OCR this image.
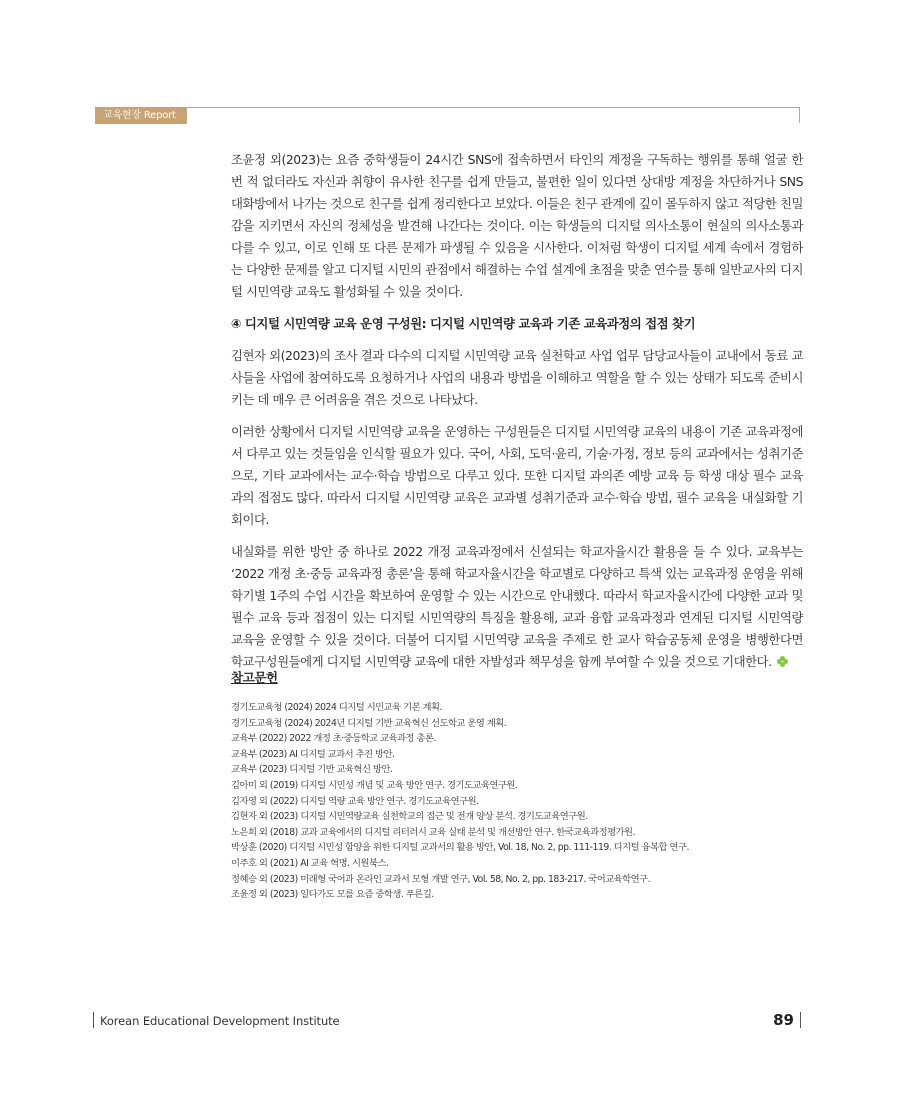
교육현장 Report

조윤정 외(2023)는 요즘 중학생들이 24시간 SNS에 접속하면서 타인의 계정을 구독하는 행위를 통해 얼굴 한 번 적 없더라도 자신과 취향이 유사한 친구를 쉽게 만들고, 불편한 일이 있다면 상대방 계정을 차단하거나 SNS 대화방에서 나가는 것으로 친구를 쉽게 정리한다고 보았다. 이들은 친구 관계에 깊이 몰두하지 않고 적당한 친밀감을 지키면서 자신의 정체성을 발견해 나간다는 것이다. 이는 학생들의 디지털 의사소통이 현실의 의사소통과 다를 수 있고, 이로 인해 또 다른 문제가 파생될 수 있음을 시사한다. 이처럼 학생이 디지털 세계 속에서 경험하는 다양한 문제를 알고 디지털 시민의 관점에서 해결하는 수업 설계에 초점을 맞춘 연수를 통해 일반교사의 디지털 시민역량 교육도 활성화될 수 있을 것이다.

④ 디지털 시민역량 교육 운영 구성원: 디지털 시민역량 교육과 기존 교육과정의 접점 찾기

김현자 외(2023)의 조사 결과 다수의 디지털 시민역량 교육 실천학교 사업 업무 담당교사들이 교내에서 동료 교사들을 사업에 참여하도록 요청하거나 사업의 내용과 방법을 이해하고 역할을 할 수 있는 상태가 되도록 준비시키는 데 매우 큰 어려움을 겪은 것으로 나타났다.

이러한 상황에서 디지털 시민역량 교육을 운영하는 구성원들은 디지털 시민역량 교육의 내용이 기존 교육과정에서 다루고 있는 것들임을 인식할 필요가 있다. 국어, 사회, 도덕·윤리, 기술·가정, 정보 등의 교과에서는 성취기준으로, 기타 교과에서는 교수·학습 방법으로 다루고 있다. 또한 디지털 과의존 예방 교육 등 학생 대상 필수 교육과의 접점도 많다. 따라서 디지털 시민역량 교육은 교과별 성취기준과 교수·학습 방법, 필수 교육을 내실화할 기회이다.

내실화를 위한 방안 중 하나로 2022 개정 교육과정에서 신설되는 학교자율시간 활용을 들 수 있다. 교육부는 ‘2022 개정 초·중등 교육과정 총론’을 통해 학교자율시간을 학교별로 다양하고 특색 있는 교육과정 운영을 위해 학기별 1주의 수업 시간을 확보하여 운영할 수 있는 시간으로 안내했다. 따라서 학교자율시간에 다양한 교과 및 필수 교육 등과 접점이 있는 디지털 시민역량의 특징을 활용해, 교과 융합 교육과정과 연계된 디지털 시민역량 교육을 운영할 수 있을 것이다. 더불어 디지털 시민역량 교육을 주제로 한 교사 학습공동체 운영을 병행한다면 학교구성원들에게 디지털 시민역량 교육에 대한 자발성과 책무성을 함께 부여할 수 있을 것으로 기대한다.

참고문헌
경기도교육청 (2024) 2024 디지털 시민교육 기본 계획.
경기도교육청 (2024) 2024년 디지털 기반 교육혁신 선도학교 운영 계획.
교육부 (2022) 2022 개정 초·중등학교 교육과정 총론.
교육부 (2023) AI 디지털 교과서 추진 방안.
교육부 (2023) 디지털 기반 교육혁신 방안.
김아미 외 (2019) 디지털 시민성 개념 및 교육 방안 연구. 경기도교육연구원.
김자영 외 (2022) 디지털 역량 교육 방안 연구. 경기도교육연구원.
김현자 외 (2023) 디지털 시민역량교육 실천학교의 접근 및 전개 양상 분석. 경기도교육연구원.
노은희 외 (2018) 교과 교육에서의 디지털 리터러시 교육 실태 분석 및 개선방안 연구. 한국교육과정평가원.
박상훈 (2020) 디지털 시민성 함양을 위한 디지털 교과서의 활용 방안, Vol. 18, No. 2, pp. 111-119. 디지털 융복합 연구.
이주호 외 (2021) AI 교육 혁명. 시원북스.
정혜승 외 (2023) 미래형 국어과 온라인 교과서 모형 개발 연구, Vol. 58, No. 2, pp. 183-217. 국어교육학연구.
조윤정 외 (2023) 일다가도 모를 요즘 중학생. 푸른길.
Korean Educational Development Institute	89
